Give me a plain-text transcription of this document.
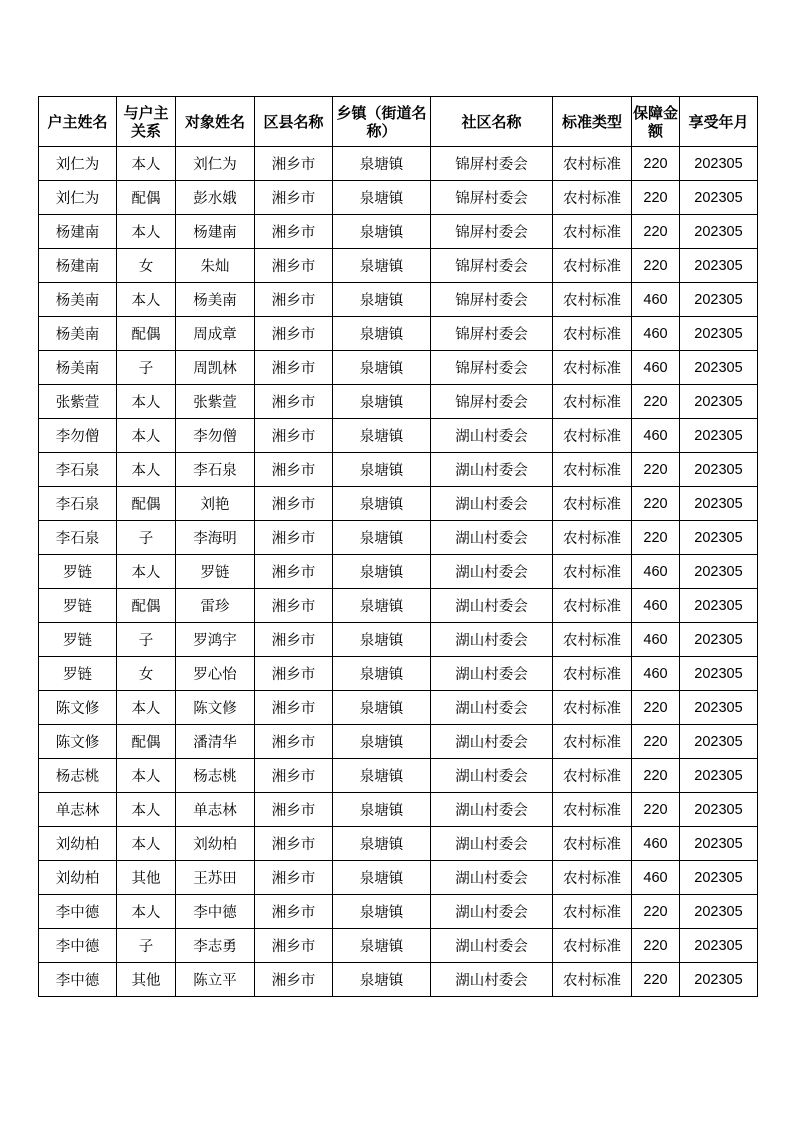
户主姓名	与户主关系	对象姓名	区县名称	乡镇（街道名称）	社区名称	标准类型	保障金额	享受年月
刘仁为	本人	刘仁为	湘乡市	泉塘镇	锦屏村委会	农村标准	220	202305
刘仁为	配偶	彭水娥	湘乡市	泉塘镇	锦屏村委会	农村标准	220	202305
杨建南	本人	杨建南	湘乡市	泉塘镇	锦屏村委会	农村标准	220	202305
杨建南	女	朱灿	湘乡市	泉塘镇	锦屏村委会	农村标准	220	202305
杨美南	本人	杨美南	湘乡市	泉塘镇	锦屏村委会	农村标准	460	202305
杨美南	配偶	周成章	湘乡市	泉塘镇	锦屏村委会	农村标准	460	202305
杨美南	子	周凯林	湘乡市	泉塘镇	锦屏村委会	农村标准	460	202305
张紫萱	本人	张紫萱	湘乡市	泉塘镇	锦屏村委会	农村标准	220	202305
李勿僧	本人	李勿僧	湘乡市	泉塘镇	湖山村委会	农村标准	460	202305
李石泉	本人	李石泉	湘乡市	泉塘镇	湖山村委会	农村标准	220	202305
李石泉	配偶	刘艳	湘乡市	泉塘镇	湖山村委会	农村标准	220	202305
李石泉	子	李海明	湘乡市	泉塘镇	湖山村委会	农村标准	220	202305
罗链	本人	罗链	湘乡市	泉塘镇	湖山村委会	农村标准	460	202305
罗链	配偶	雷珍	湘乡市	泉塘镇	湖山村委会	农村标准	460	202305
罗链	子	罗鸿宇	湘乡市	泉塘镇	湖山村委会	农村标准	460	202305
罗链	女	罗心怡	湘乡市	泉塘镇	湖山村委会	农村标准	460	202305
陈文修	本人	陈文修	湘乡市	泉塘镇	湖山村委会	农村标准	220	202305
陈文修	配偶	潘清华	湘乡市	泉塘镇	湖山村委会	农村标准	220	202305
杨志桃	本人	杨志桃	湘乡市	泉塘镇	湖山村委会	农村标准	220	202305
单志林	本人	单志林	湘乡市	泉塘镇	湖山村委会	农村标准	220	202305
刘幼柏	本人	刘幼柏	湘乡市	泉塘镇	湖山村委会	农村标准	460	202305
刘幼柏	其他	王苏田	湘乡市	泉塘镇	湖山村委会	农村标准	460	202305
李中德	本人	李中德	湘乡市	泉塘镇	湖山村委会	农村标准	220	202305
李中德	子	李志勇	湘乡市	泉塘镇	湖山村委会	农村标准	220	202305
李中德	其他	陈立平	湘乡市	泉塘镇	湖山村委会	农村标准	220	202305
